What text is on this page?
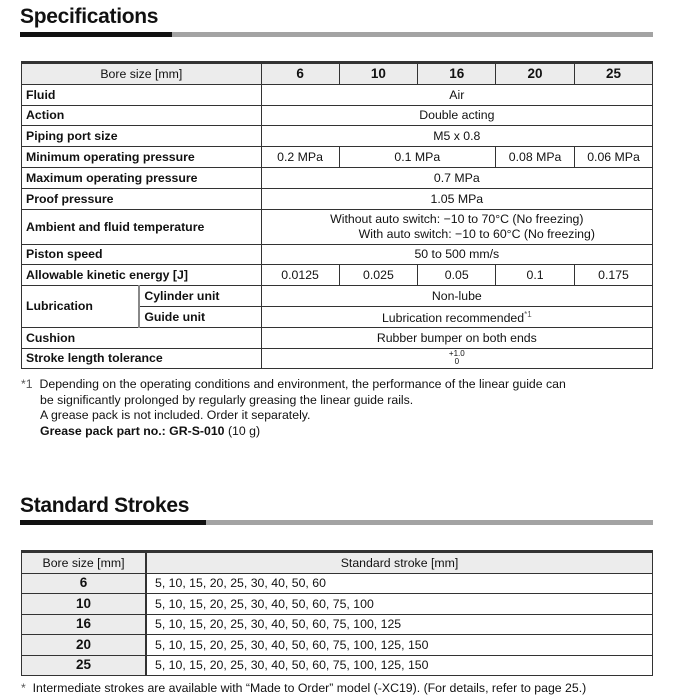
Specifications
Bore size [mm]		6	10	16	20	25
Fluid		Air				
Action		Double acting				
Piping port size		M5 x 0.8				
Minimum operating pressure		0.2 MPa	0.1 MPa		0.08 MPa	0.06 MPa
Maximum operating pressure		0.7 MPa				
Proof pressure		1.05 MPa				
Ambient and fluid temperature		Without auto switch: −10 to 70°C (No freezing)
With auto switch: −10 to 60°C (No freezing)				

Piston speed		50 to 500 mm/s				
Allowable kinetic energy [J]		0.0125	0.025	0.05	0.1	0.175
Lubrication	Cylinder unit	Non-lube				
	Guide unit	Lubrication recommended$^{*1}$
Cushion		Rubber bumper on both ends				
Stroke length tolerance		+1.0
0				
*1 Depending on the operating conditions and environment, the performance of the linear guide can
be significantly prolonged by regularly greasing the linear guide rails.
A grease pack is not included. Order it separately.
Grease pack part no.: GR-S-010 (10 g)
Standard Strokes
Bore size [mm]	Standard stroke [mm]
6	5, 10, 15, 20, 25, 30, 40, 50, 60
10	5, 10, 15, 20, 25, 30, 40, 50, 60, 75, 100
16	5, 10, 15, 20, 25, 30, 40, 50, 60, 75, 100, 125
20	5, 10, 15, 20, 25, 30, 40, 50, 60, 75, 100, 125, 150
25	5, 10, 15, 20, 25, 30, 40, 50, 60, 75, 100, 125, 150
* Intermediate strokes are available with “Made to Order” model (-XC19). (For details, refer to page 25.)
